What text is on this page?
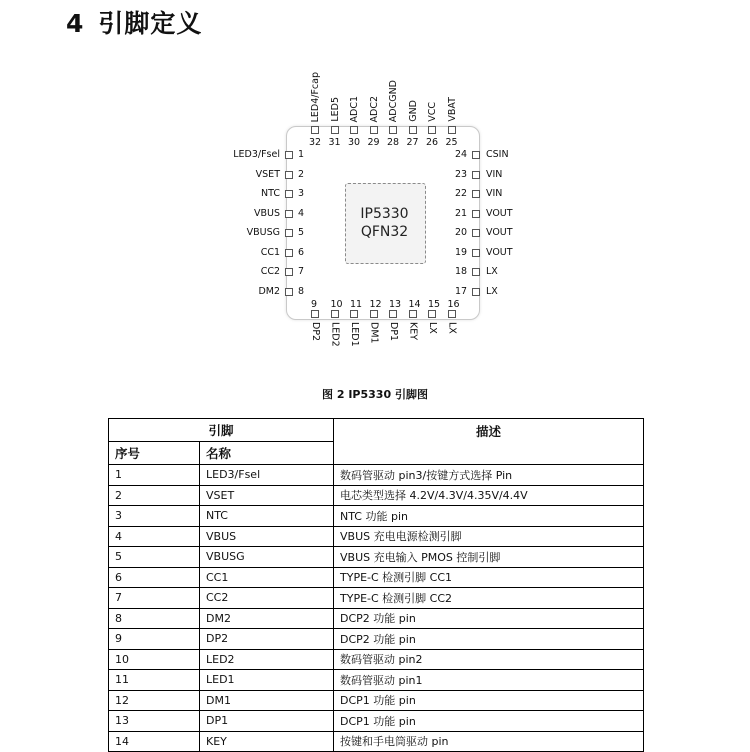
4 引脚定义
IP5330
QFN32
LED3/Fsel 1
VSET 2
NTC 3
VBUS 4
VBUSG 5
CC1 6
CC2 7
DM2 8
24 CSIN
23 VIN
22 VIN
21 VOUT
20 VOUT
19 VOUT
18 LX
17 LX
LED4/Fcap
32
LED5
31
ADC1
30
ADC2
29
ADCGND
28
GND
27
VCC
26
VBAT
25
9
DP2
10
LED2
11
LED1
12
DM1
13
DP1
14
KEY
15
LX
16
LX
图 2 IP5330 引脚图
引脚		描述
序号	名称	
1	LED3/Fsel	数码管驱动 pin3/按键方式选择 Pin
2	VSET	电芯类型选择 4.2V/4.3V/4.35V/4.4V
3	NTC	NTC 功能 pin
4	VBUS	VBUS 充电电源检测引脚
5	VBUSG	VBUS 充电输入 PMOS 控制引脚
6	CC1	TYPE-C 检测引脚 CC1
7	CC2	TYPE-C 检测引脚 CC2
8	DM2	DCP2 功能 pin
9	DP2	DCP2 功能 pin
10	LED2	数码管驱动 pin2
11	LED1	数码管驱动 pin1
12	DM1	DCP1 功能 pin
13	DP1	DCP1 功能 pin
14	KEY	按键和手电筒驱动 pin
